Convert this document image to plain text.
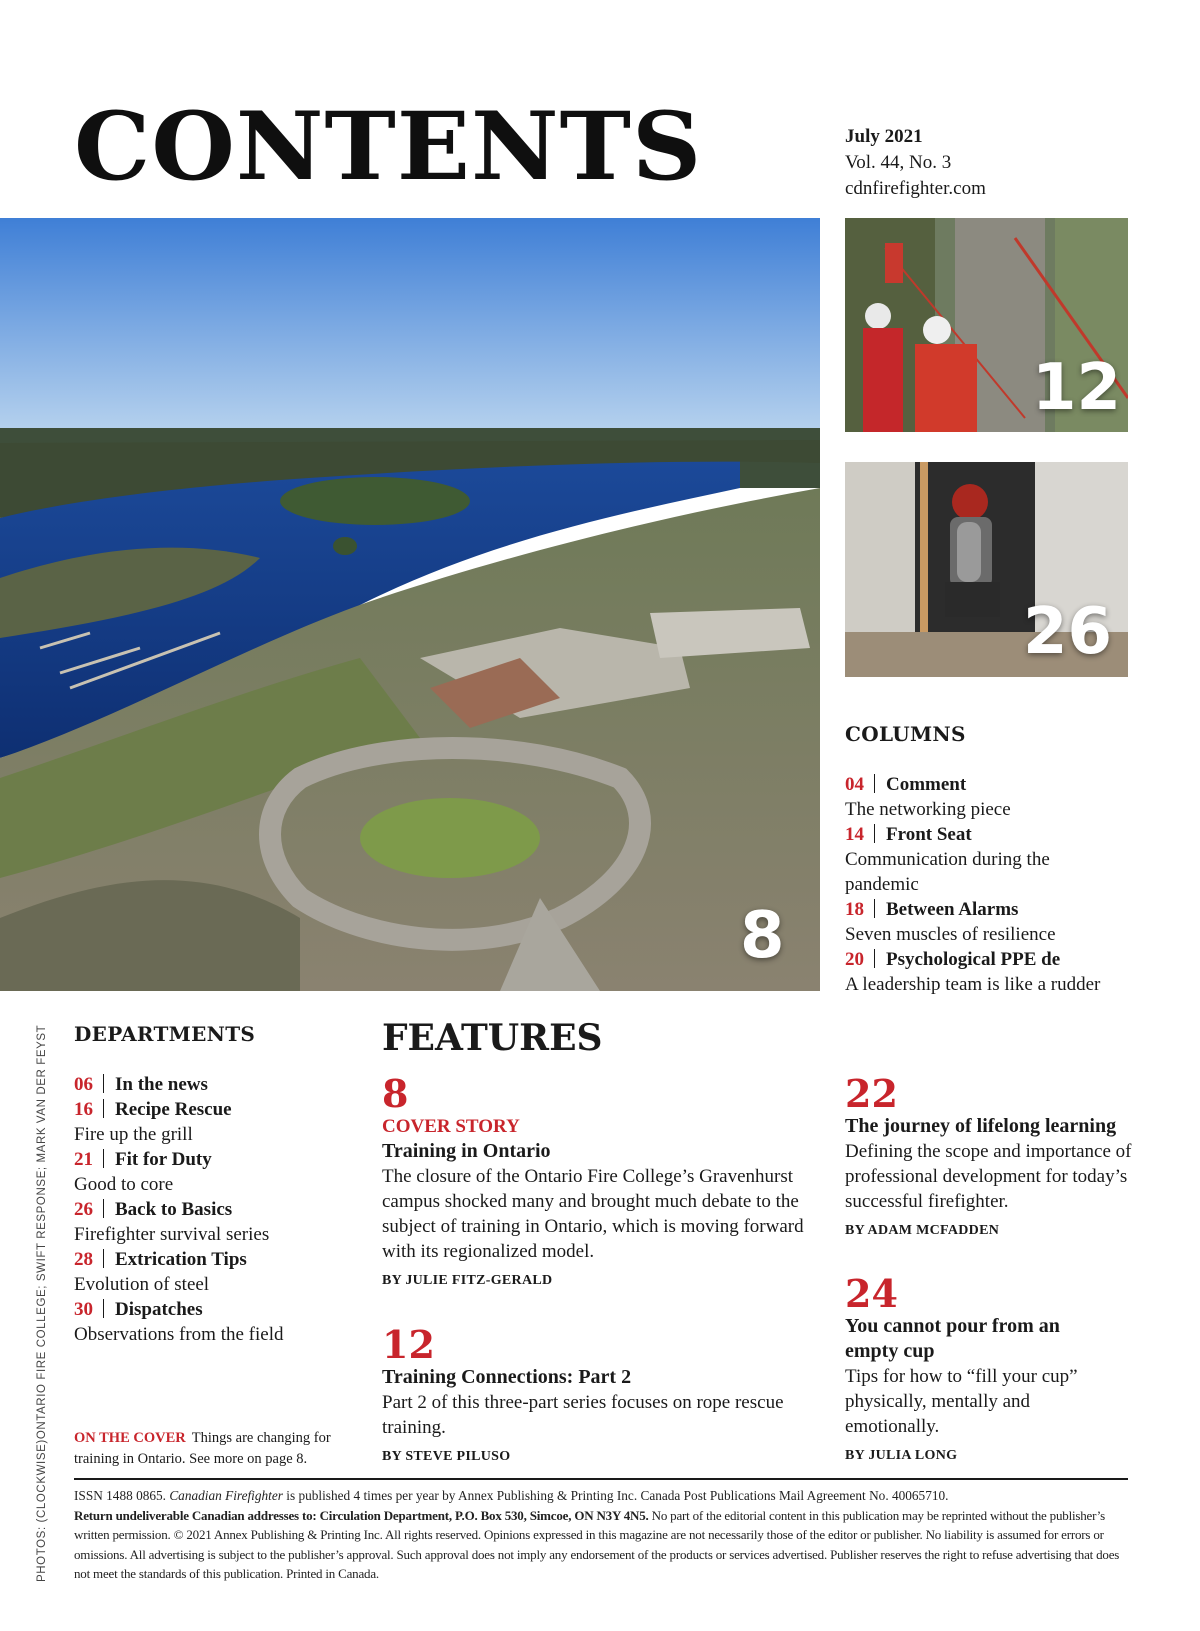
CONTENTS	July 2021
Vol. 44, No. 3
cdnfirefighter.com
8
12
26
COLUMNS
04 Comment
The networking piece
14 Front Seat
Communication during the pandemic
18 Between Alarms
Seven muscles of resilience
20 Psychological PPE de
A leadership team is like a rudder
DEPARTMENTS
06 In the news
16 Recipe Rescue
Fire up the grill
21 Fit for Duty
Good to core
26 Back to Basics
Firefighter survival series
28 Extrication Tips
Evolution of steel
30 Dispatches
Observations from the field
FEATURES
8
COVER STORY
Training in Ontario
The closure of the Ontario Fire College’s Gravenhurst campus shocked many and brought much debate to the subject of training in Ontario, which is moving forward with its regionalized model.
BY JULIE FITZ-GERALD
12
Training Connections: Part 2
Part 2 of this three-part series focuses on rope rescue training.
BY STEVE PILUSO
22
The journey of lifelong learning
Defining the scope and importance of professional development for today’s successful firefighter.
BY ADAM MCFADDEN
24
You cannot pour from an empty cup
Tips for how to “fill your cup” physically, mentally and emotionally.
BY JULIA LONG
ON THE COVER Things are changing for training in Ontario. See more on page 8.
PHOTOS: (CLOCKWISE)ONTARIO FIRE COLLEGE; SWIFT RESPONSE; MARK VAN DER FEYST ISSN 1488 0865. Canadian Firefighter is published 4 times per year by Annex Publishing & Printing Inc. Canada Post Publications Mail Agreement No. 40065710.
Return undeliverable Canadian addresses to: Circulation Department, P.O. Box 530, Simcoe, ON N3Y 4N5. No part of the editorial content in this publication may be reprinted without the publisher’s written permission. © 2021 Annex Publishing & Printing Inc. All rights reserved. Opinions expressed in this magazine are not necessarily those of the editor or publisher. No liability is assumed for errors or omissions. All advertising is subject to the publisher’s approval. Such approval does not imply any endorsement of the products or services advertised. Publisher reserves the right to refuse advertising that does not meet the standards of this publication. Printed in Canada.
